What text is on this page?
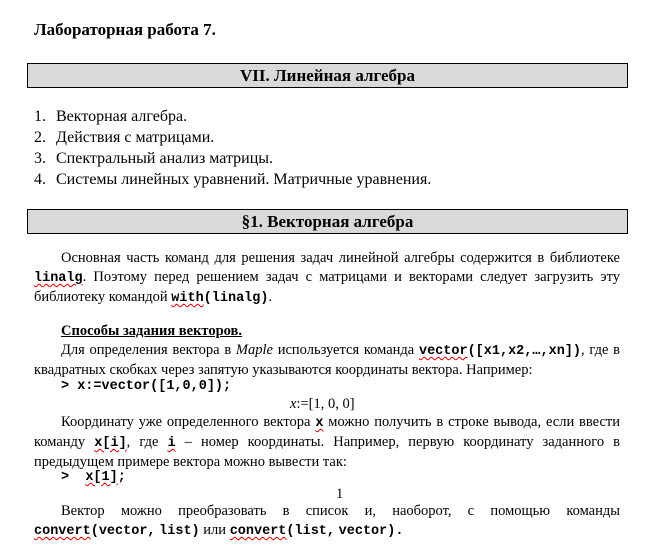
Лабораторная работа 7.
VII. Линейная алгебра
1. Векторная алгебра.
2. Действия с матрицами.
3. Спектральный анализ матрицы.
4. Системы линейных уравнений. Матричные уравнения.
§1. Векторная алгебра
Основная часть команд для решения задач линейной алгебры содержится в библиотеке linalg. Поэтому перед решением задач с матрицами и векторами следует загрузить эту библиотеку командой with(linalg).
Способы задания векторов.
Для определения вектора в Maple используется команда vector([x1,x2,…,xn]), где в квадратных скобках через запятую указываются координаты вектора. Например:
> x:=vector([1,0,0]);
x:=[1, 0, 0]
Координату уже определенного вектора x можно получить в строке вывода, если ввести команду x[i], где i – номер координаты. Например, первую координату заданного в предыдущем примере вектора можно вывести так:
>  x[1];
1
Вектор можно преобразовать в список и, наоборот, с помощью команды convert(vector, list) или convert(list, vector).
